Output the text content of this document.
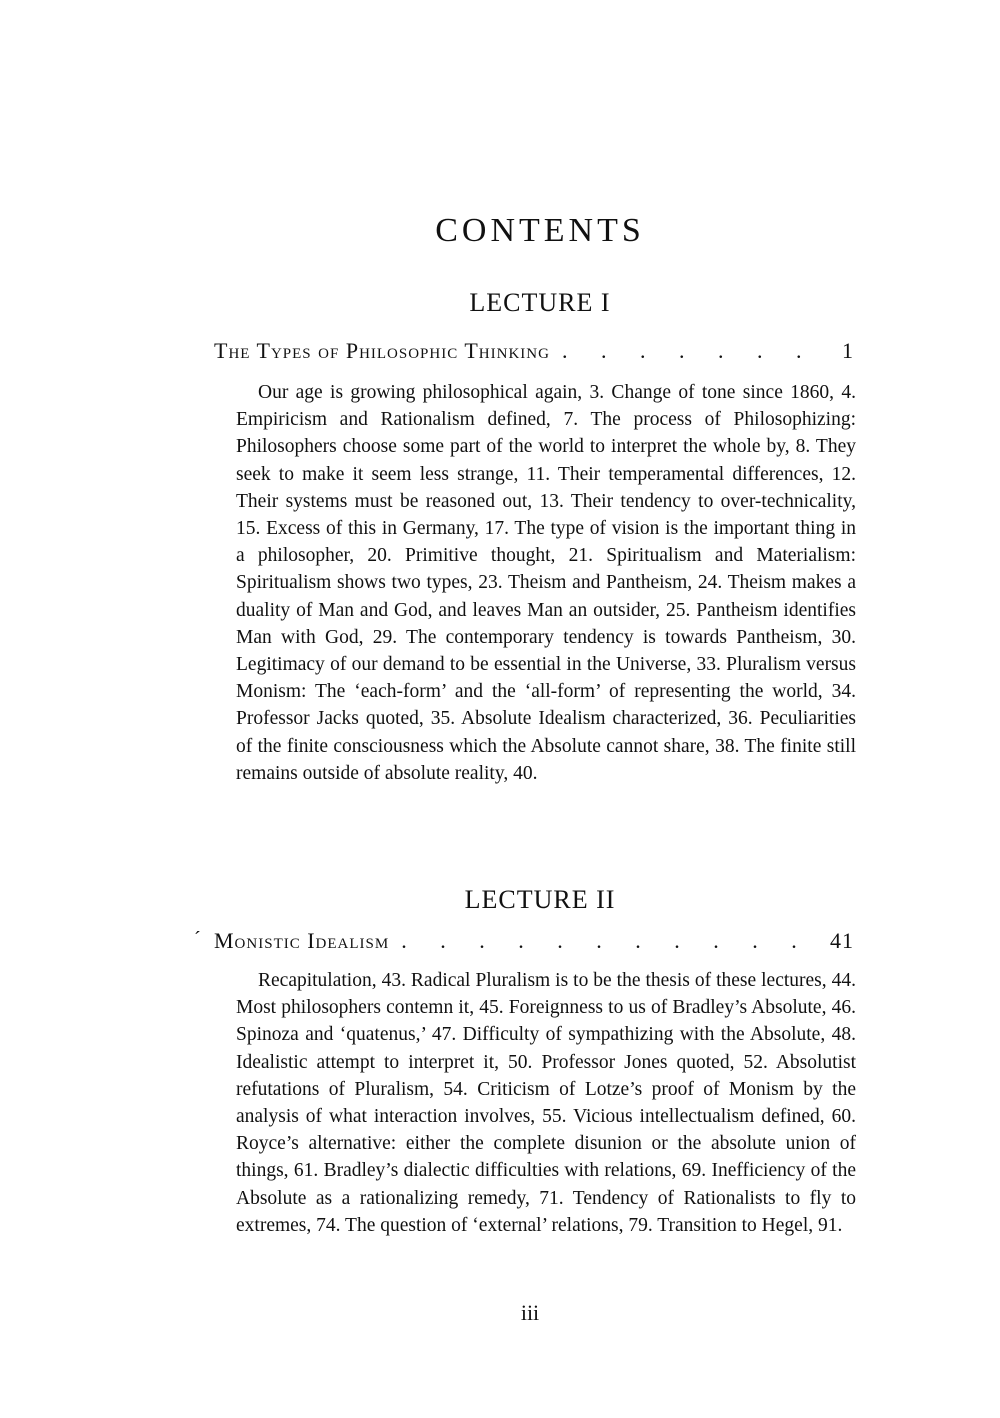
CONTENTS
LECTURE I
The Types of Philosophic Thinking . . .	1
Our age is growing philosophical again, 3. Change of tone since 1860, 4. Empiricism and Rationalism defined, 7. The process of Philosophizing: Philosophers choose some part of the world to interpret the whole by, 8. They seek to make it seem less strange, 11. Their temperamental differences, 12. Their systems must be reasoned out, 13. Their tendency to over-technicality, 15. Excess of this in Germany, 17. The type of vision is the important thing in a philosopher, 20. Primitive thought, 21. Spiritualism and Materialism: Spiritualism shows two types, 23. Theism and Pantheism, 24. Theism makes a duality of Man and God, and leaves Man an outsider, 25. Pantheism identifies Man with God, 29. The contemporary tendency is towards Pantheism, 30. Legitimacy of our demand to be essential in the Universe, 33. Pluralism versus Monism: The ‘each-form’ and the ‘all-form’ of representing the world, 34. Professor Jacks quoted, 35. Absolute Idealism characterized, 36. Peculiarities of the finite consciousness which the Absolute cannot share, 38. The finite still remains outside of absolute reality, 40.
LECTURE II
´ Monistic Idealism . . .	41
Recapitulation, 43. Radical Pluralism is to be the thesis of these lectures, 44. Most philosophers contemn it, 45. Foreignness to us of Bradley’s Absolute, 46. Spinoza and ‘quatenus,’ 47. Difficulty of sympathizing with the Absolute, 48. Idealistic attempt to interpret it, 50. Professor Jones quoted, 52. Absolutist refutations of Pluralism, 54. Criticism of Lotze’s proof of Monism by the analysis of what interaction involves, 55. Vicious intellectualism defined, 60. Royce’s alternative: either the complete disunion or the absolute union of things, 61. Bradley’s dialectic difficulties with relations, 69. Inefficiency of the Absolute as a rationalizing remedy, 71. Tendency of Rationalists to fly to extremes, 74. The question of ‘external’ relations, 79. Transition to Hegel, 91.
iii
